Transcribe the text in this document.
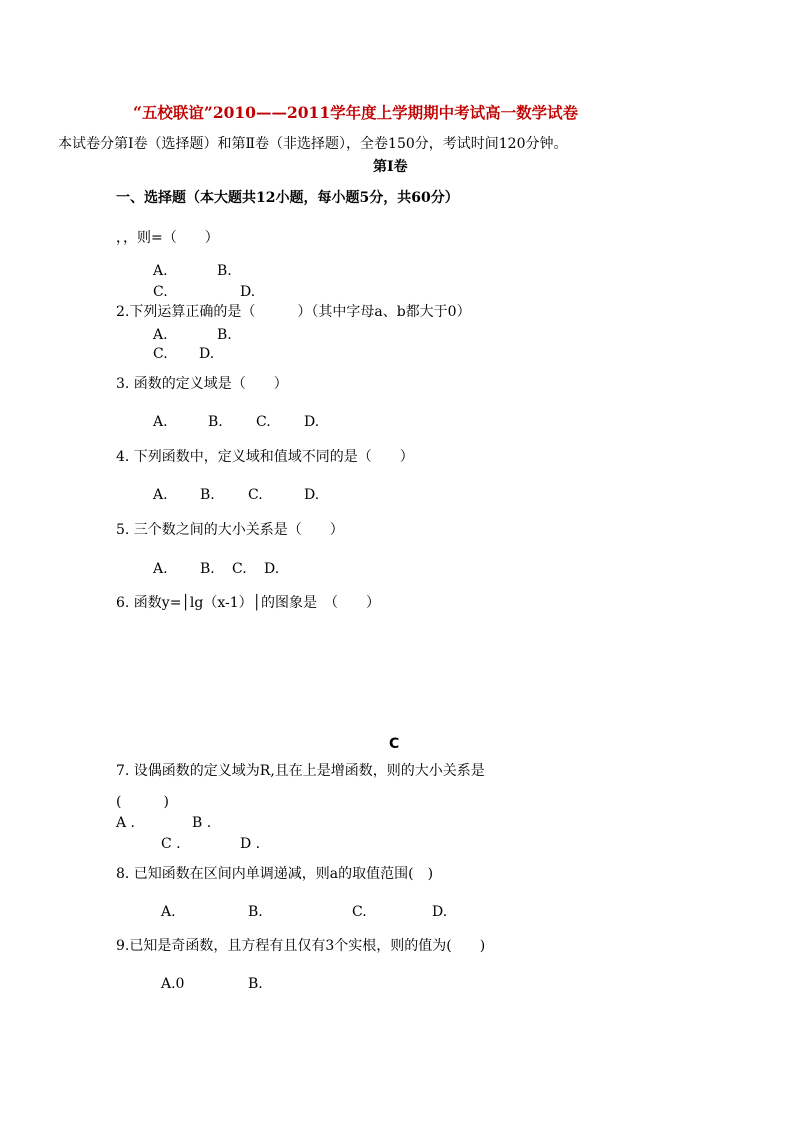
“五校联谊”2010——2011学年度上学期期中考试高一数学试卷
本试卷分第Ⅰ卷（选择题）和第Ⅱ卷（非选择题），全卷150分，考试时间120分钟。
第Ⅰ卷
一、选择题（本大题共12小题，每小题5分，共60分）
，，则=（　　）
A.	B.
C.	D.
2.下列运算正确的是（　　　）（其中字母a、b都大于0）
A.	B.
C. D.
3. 函数的定义域是（　　）
A.	B. C. D.
4. 下列函数中，定义域和值域不同的是（　　）
A. B. C.	D.
5. 三个数之间的大小关系是（　　）
A. B. C. D.
6. 函数y=│lg（x-1）│的图象是　（　　）
C
7. 设偶函数的定义域为R,且在上是增函数，则的大小关系是
(　　　)
A .	B .
C .	D .
8. 已知函数在区间内单调递减，则a的取值范围(　)
A.	B.	C.	D.
9.已知是奇函数，且方程有且仅有3个实根，则的值为(　　)
A.0	B.
